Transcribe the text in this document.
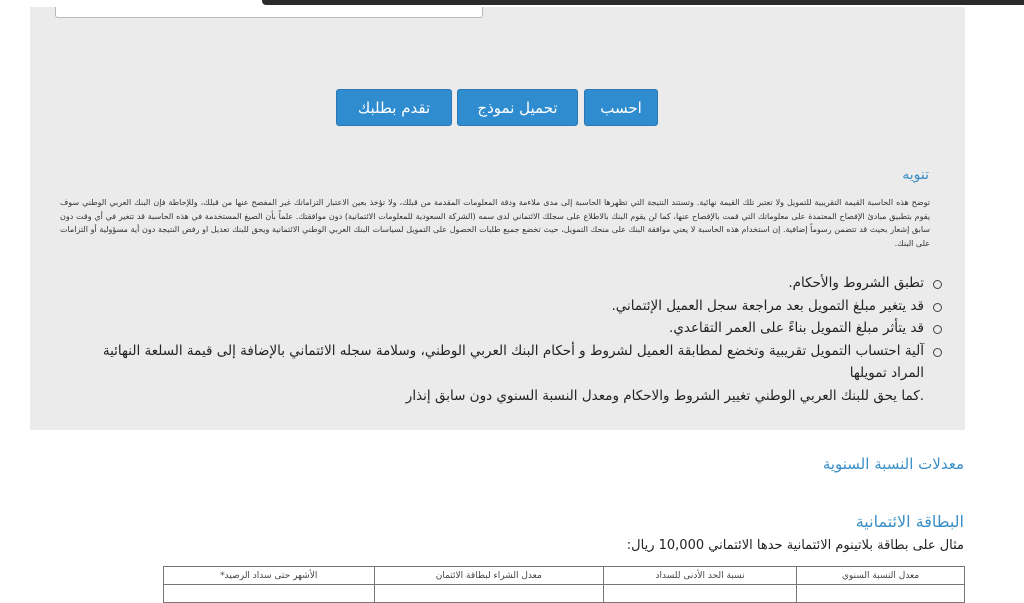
تقدم بطلبك	تحميل نموذج	احسب
تنويه
توضح هذه الحاسبة القيمة التقريبية للتمويل ولا تعتبر تلك القيمة نهائية. وتستند النتيجة التي تظهرها الحاسبة إلى مدى ملاءمة ودقة المعلومات المقدمة من قبلك، ولا تؤخذ بعين الاعتبار التزاماتك غير المفصح عنها من قبلك، وللإحاطة فإن البنك العربي الوطني سوف يقوم بتطبيق مبادئ الإفصاح المعتمدة على معلوماتك التي قمت بالإفصاح عنها، كما لن يقوم البنك بالاطلاع على سجلك الائتماني لدى سمه (الشركة السعودية للمعلومات الائتمانية) دون موافقتك. علماً بأن الصيغ المستخدمة في هذه الحاسبة قد تتغير في أي وقت دون سابق إشعار بحيث قد تتضمن رسوماً إضافية. إن استخدام هذه الحاسبة لا يعني موافقة البنك على منحك التمويل، حيث تخضع جميع طلبات الحصول على التمويل لسياسات البنك العربي الوطني الائتمانية ويحق للبنك تعديل او رفض النتيجة دون أية مسؤولية أو التزامات على البنك.
تطبق الشروط والأحكام.
قد يتغير مبلغ التمويل بعد مراجعة سجل العميل الإئتماني.
قد يتأثر مبلغ التمويل بناءً على العمر التقاعدي.
آلية احتساب التمويل تقريبية وتخضع لمطابقة العميل لشروط و أحكام البنك العربي الوطني، وسلامة سجله الائتماني بالإضافة إلى قيمة السلعة النهائية المراد تمويلها
.كما يحق للبنك العربي الوطني تغيير الشروط والاحكام ومعدل النسبة السنوي دون سابق إنذار
معدلات النسبة السنوية
البطاقة الائتمانية
مثال على بطاقة بلاتينوم الائتمانية حدها الائتماني 10,000 ريال:
معدل النسبة السنوي	نسبة الحد الأدنى للسداد	معدل الشراء لبطاقة الائتمان	الأشهر حتى سداد الرصيد*
